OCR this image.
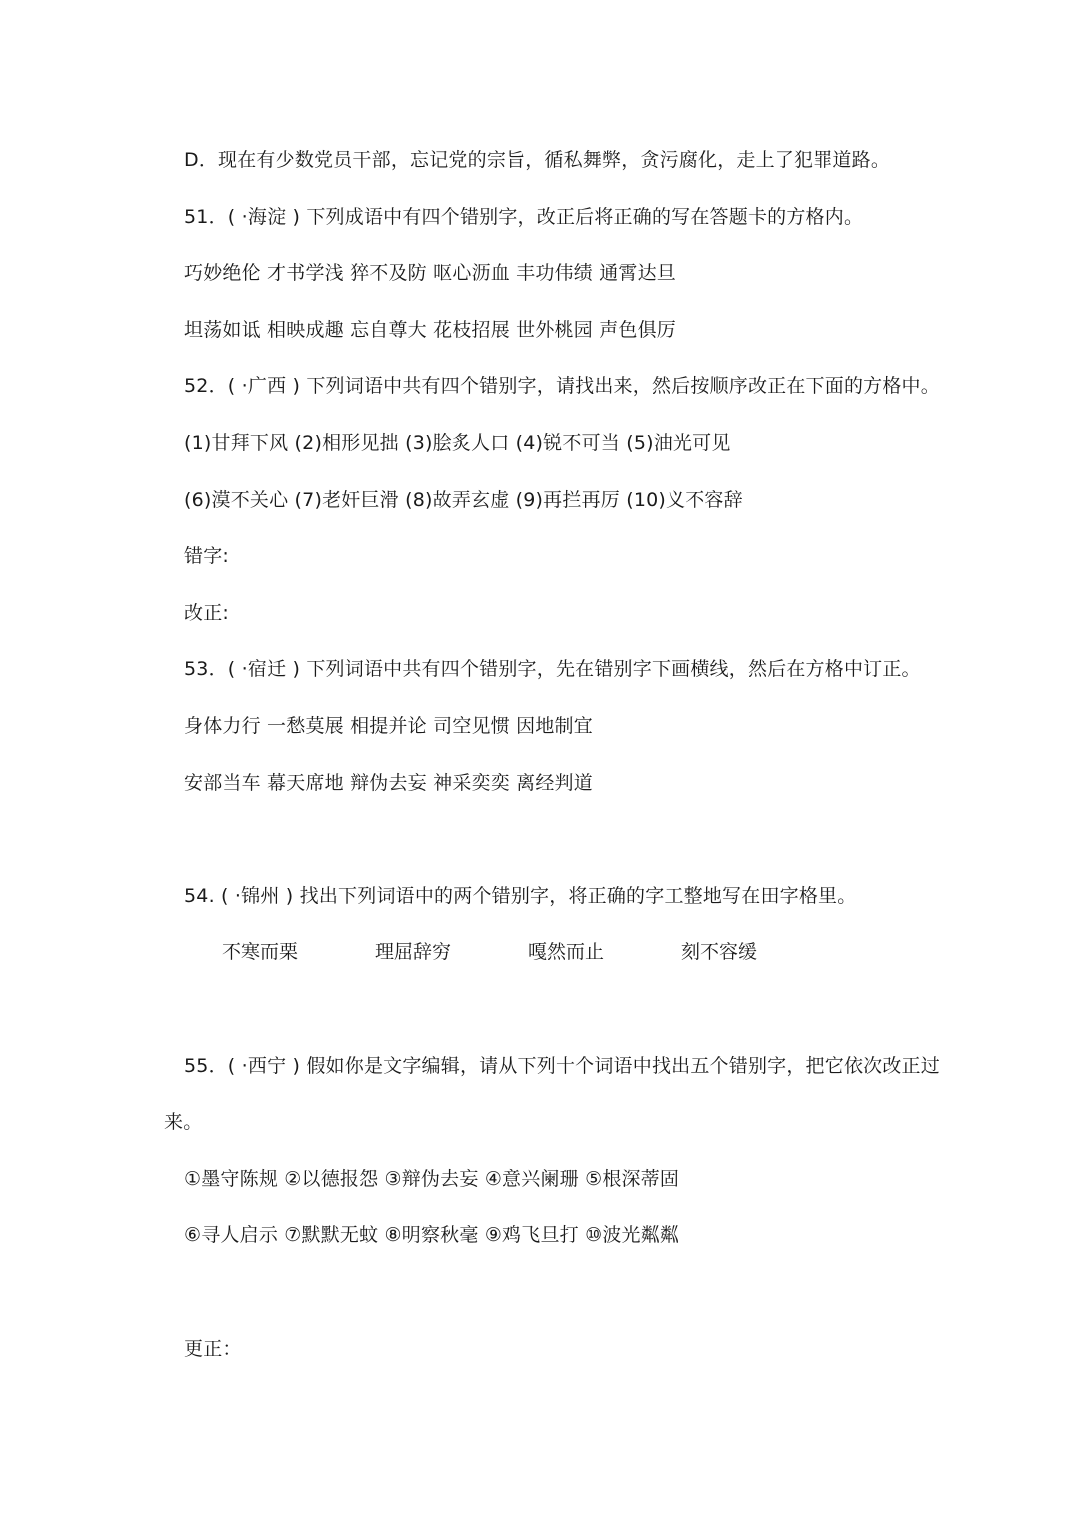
D．现在有少数党员干部，忘记党的宗旨，循私舞弊，贪污腐化，走上了犯罪道路。
51．( ·海淀 ) 下列成语中有四个错别字，改正后将正确的写在答题卡的方格内。
巧妙绝伦 才书学浅 猝不及防 呕心沥血 丰功伟绩 通霄达旦
坦荡如诋 相映成趣 忘自尊大 花枝招展 世外桃园 声色俱厉
52．( ·广西 ) 下列词语中共有四个错别字，请找出来，然后按顺序改正在下面的方格中。
(1)甘拜下风 (2)相形见拙 (3)脍炙人口 (4)锐不可当 (5)油光可见
(6)漠不关心 (7)老奸巨滑 (8)故弄玄虚 (9)再拦再厉 (10)义不容辞
错字:
改正:
53．( ·宿迁 ) 下列词语中共有四个错别字，先在错别字下画横线，然后在方格中订正。
身体力行 一愁莫展 相提并论 司空见惯 因地制宜
安部当车 幕天席地 辩伪去妄 神采奕奕 离经判道
54. ( ·锦州 ) 找出下列词语中的两个错别字，将正确的字工整地写在田字格里。
不寒而栗	理屈辞穷	嘎然而止	刻不容缓
55．( ·西宁 ) 假如你是文字编辑，请从下列十个词语中找出五个错别字，把它依次改正过
来。
①墨守陈规 ②以德报怨 ③辩伪去妄 ④意兴阑珊 ⑤根深蒂固
⑥寻人启示 ⑦默默无蚊 ⑧明察秋毫 ⑨鸡飞旦打 ⑩波光粼粼
更正：
